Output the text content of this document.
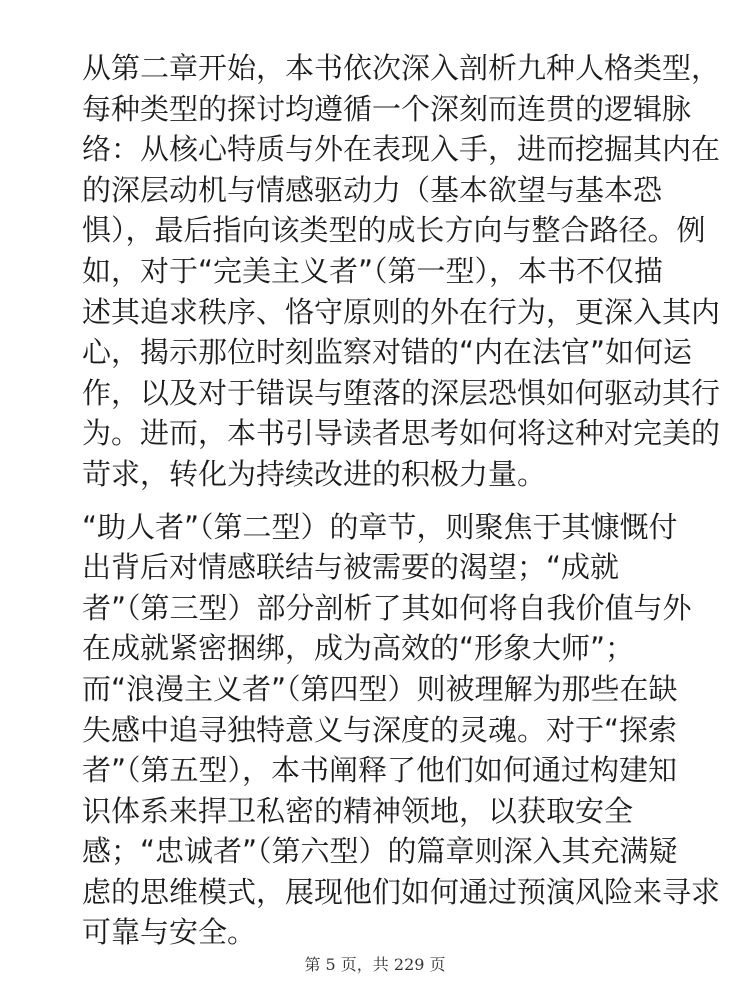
从第二章开始，本书依次深入剖析九种人格类型，
每种类型的探讨均遵循一个深刻而连贯的逻辑脉
络：从核心特质与外在表现入手，进而挖掘其内在
的深层动机与情感驱动力（基本欲望与基本恐
惧），最后指向该类型的成长方向与整合路径。例
如，对于“完美主义者”（第一型），本书不仅描
述其追求秩序、恪守原则的外在行为，更深入其内
心，揭示那位时刻监察对错的“内在法官”如何运
作，以及对于错误与堕落的深层恐惧如何驱动其行
为。进而，本书引导读者思考如何将这种对完美的
苛求，转化为持续改进的积极力量。
“助人者”（第二型）的章节，则聚焦于其慷慨付
出背后对情感联结与被需要的渴望；“成就
者”（第三型）部分剖析了其如何将自我价值与外
在成就紧密捆绑，成为高效的“形象大师”；
而“浪漫主义者”（第四型）则被理解为那些在缺
失感中追寻独特意义与深度的灵魂。对于“探索
者”（第五型），本书阐释了他们如何通过构建知
识体系来捍卫私密的精神领地，以获取安全
感；“忠诚者”（第六型）的篇章则深入其充满疑
虑的思维模式，展现他们如何通过预演风险来寻求
可靠与安全。
第 5 页，共 229 页
